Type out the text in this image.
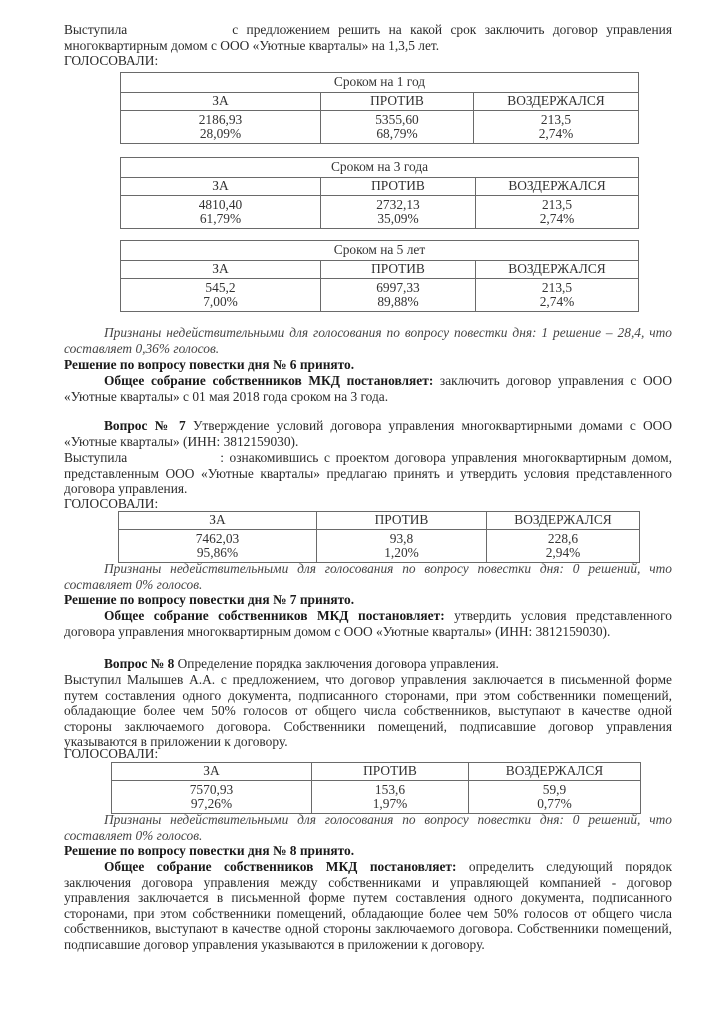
Выступила	с предложением решить на какой срок заключить договор управления многоквартирным домом с ООО «Уютные кварталы» на 1,3,5 лет.
ГОЛОСОВАЛИ:
Сроком на 1 год		
ЗА	ПРОТИВ	ВОЗДЕРЖАЛСЯ

2186,93
28,09%

5355,60
68,79%

213,5
2,74%
Сроком на 3 года		
ЗА	ПРОТИВ	ВОЗДЕРЖАЛСЯ

4810,40
61,79%

2732,13
35,09%

213,5
2,74%
Сроком на 5 лет		
ЗА	ПРОТИВ	ВОЗДЕРЖАЛСЯ

545,2
7,00%

6997,33
89,88%

213,5
2,74%
Признаны недействительными для голосования по вопросу повестки дня: 1 решение – 28,4, что составляет 0,36% голосов.
Решение по вопросу повестки дня № 6 принято.
Общее собрание собственников МКД постановляет: заключить договор управления с ООО «Уютные кварталы» с 01 мая 2018 года сроком на 3 года.
Вопрос № 7 Утверждение условий договора управления многоквартирными домами с ООО «Уютные кварталы» (ИНН: 3812159030).
Выступила	: ознакомившись с проектом договора управления многоквартирным домом, представленным ООО «Уютные кварталы» предлагаю принять и утвердить условия представленного договора управления.
ГОЛОСОВАЛИ:
ЗА	ПРОТИВ	ВОЗДЕРЖАЛСЯ

7462,03
95,86%

93,8
1,20%

228,6
2,94%
Признаны недействительными для голосования по вопросу повестки дня: 0 решений, что составляет 0% голосов.
Решение по вопросу повестки дня № 7 принято.
Общее собрание собственников МКД постановляет: утвердить условия представленного договора управления многоквартирным домом с ООО «Уютные кварталы» (ИНН: 3812159030).
Вопрос № 8 Определение порядка заключения договора управления.
Выступил Малышев А.А. с предложением, что договор управления заключается в письменной форме путем составления одного документа, подписанного сторонами, при этом собственники помещений, обладающие более чем 50% голосов от общего числа собственников, выступают в качестве одной стороны заключаемого договора. Собственники помещений, подписавшие договор управления указываются в приложении к договору.
ГОЛОСОВАЛИ:
ЗА	ПРОТИВ	ВОЗДЕРЖАЛСЯ

7570,93
97,26%

153,6
1,97%

59,9
0,77%
Признаны недействительными для голосования по вопросу повестки дня: 0 решений, что составляет 0% голосов.
Решение по вопросу повестки дня № 8 принято.
Общее собрание собственников МКД постановляет: определить следующий порядок заключения договора управления между собственниками и управляющей компанией - договор управления заключается в письменной форме путем составления одного документа, подписанного сторонами, при этом собственники помещений, обладающие более чем 50% голосов от общего числа собственников, выступают в качестве одной стороны заключаемого договора. Собственники помещений, подписавшие договор управления указываются в приложении к договору.
